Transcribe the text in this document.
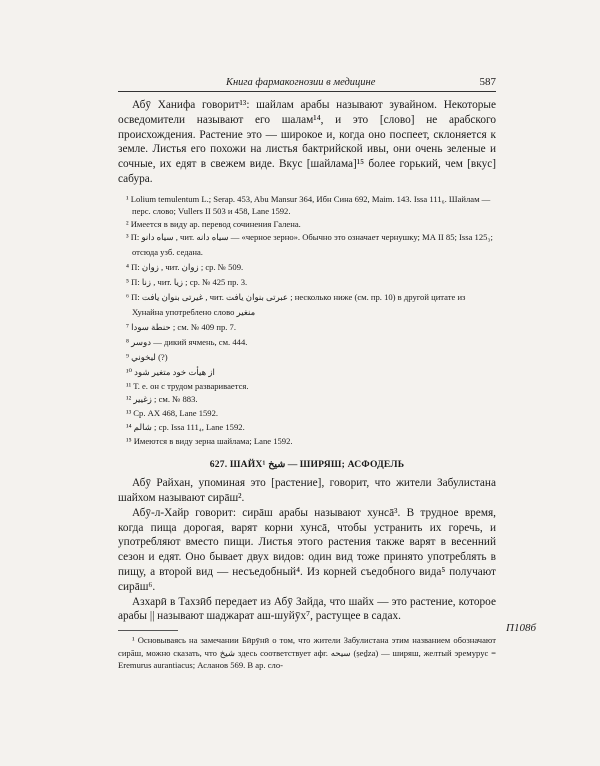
Книга фармакогнозии в медицине	587

Абӯ Ханифа говорит¹³: шайлам арабы называют зувайном. Некоторые осведомители называют его шалам¹⁴, и это [слово] не арабского происхождения. Растение это — широкое и, когда оно поспеет, склоняется к земле. Листья его похожи на листья бактрийской ивы, они очень зеленые и сочные, их едят в свежем виде. Вкус [шайлама]¹⁵ более горький, чем [вкус] сабура.

¹ Lolium temulentum L.; Serap. 453, Abu Mansur 364, Ибн Сина 692, Maim. 143. Issa 111₆. Шайлам — перс. слово; Vullers II 503 и 458, Lane 1592.

² Имеется в виду ар. перевод сочинения Галена.

³ П: سياه دانو , чит. سياه دانه — «черное зерно». Обычно это означает чернушку; МА II 85; Issa 125₃; отсюда узб. седана.

⁴ П: زوان , чит. زوان ; ср. № 509.

⁵ П: زنا , чит. زيا ; ср. № 425 пр. 3.

⁶ П: غيرتى بنوان يافت , чит. عبرتى بنوان يافت ; несколько ниже (см. пр. 10) в другой цитате из Хунайна употреблено слово منغير

⁷ حنطة سودا ; см. № 409 пр. 7.

⁸ دوسر — дикий ячмень, см. 444.

⁹ ليخوني (?)

¹⁰ از هيأت خود متغير شود

¹¹ Т. е. он с трудом разваривается.

¹² زغيير ; см. № 883.

¹³ Ср. АХ 468, Lane 1592.

¹⁴ شالم ; ср. Issa 111₄, Lane 1592.

¹⁵ Имеются в виду зерна шайлама; Lane 1592.

627. ШАЙХ¹ شيخ — ШИРЯШ; АСФОДЕЛЬ

Абӯ Райхан, упоминая это [растение], говорит, что жители Забулистана шайхом называют сирāш².

Абӯ-л-Хайр говорит: сирāш арабы называют хунсā³. В трудное время, когда пища дорогая, варят корни хунсā, чтобы устранить их горечь, и употребляют вместо пищи. Листья этого растения также варят в весенний сезон и едят. Оно бывает двух видов: один вид тоже принято употреблять в пищу, а второй вид — несъедобный⁴. Из корней съедобного вида⁵ получают сирāш⁶.

Азхарӣ в Тахзӣб передает из Абӯ Зайда, что шайх — это растение, которое арабы || называют шаджарат аш-шуйӯх⁷, растущее в садах.

¹ Основываясь на замечании Бӣрӯнӣ о том, что жители Забулистана этим названием обозначают сирāш, можно сказать, что شيخ здесь соответствует афг. سيحه (ṣeḏza) — ширяш, желтый эремурус = Eremurus aurantiacus; Асланов 569. В ар. сло-

П108б
